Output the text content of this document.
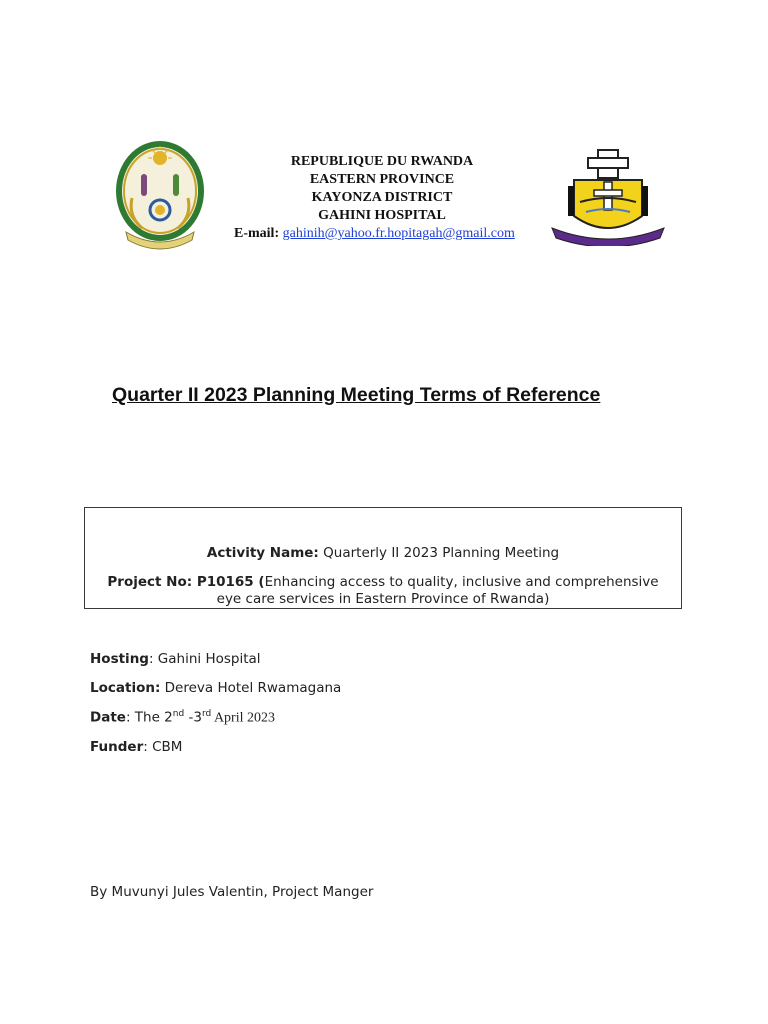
REPUBLIQUE DU RWANDA
EASTERN PROVINCE
KAYONZA DISTRICT
GAHINI HOSPITAL
E-mail: gahinih@yahoo.fr.hopitagah@gmail.com
Quarter II 2023 Planning Meeting Terms of Reference
Activity Name: Quarterly II 2023 Planning Meeting
Project No: P10165 (Enhancing access to quality, inclusive and comprehensive eye care services in Eastern Province of Rwanda)
Hosting: Gahini Hospital
Location: Dereva Hotel Rwamagana
Date: The 2nd -3rd April 2023
Funder: CBM
By Muvunyi Jules Valentin, Project Manger
